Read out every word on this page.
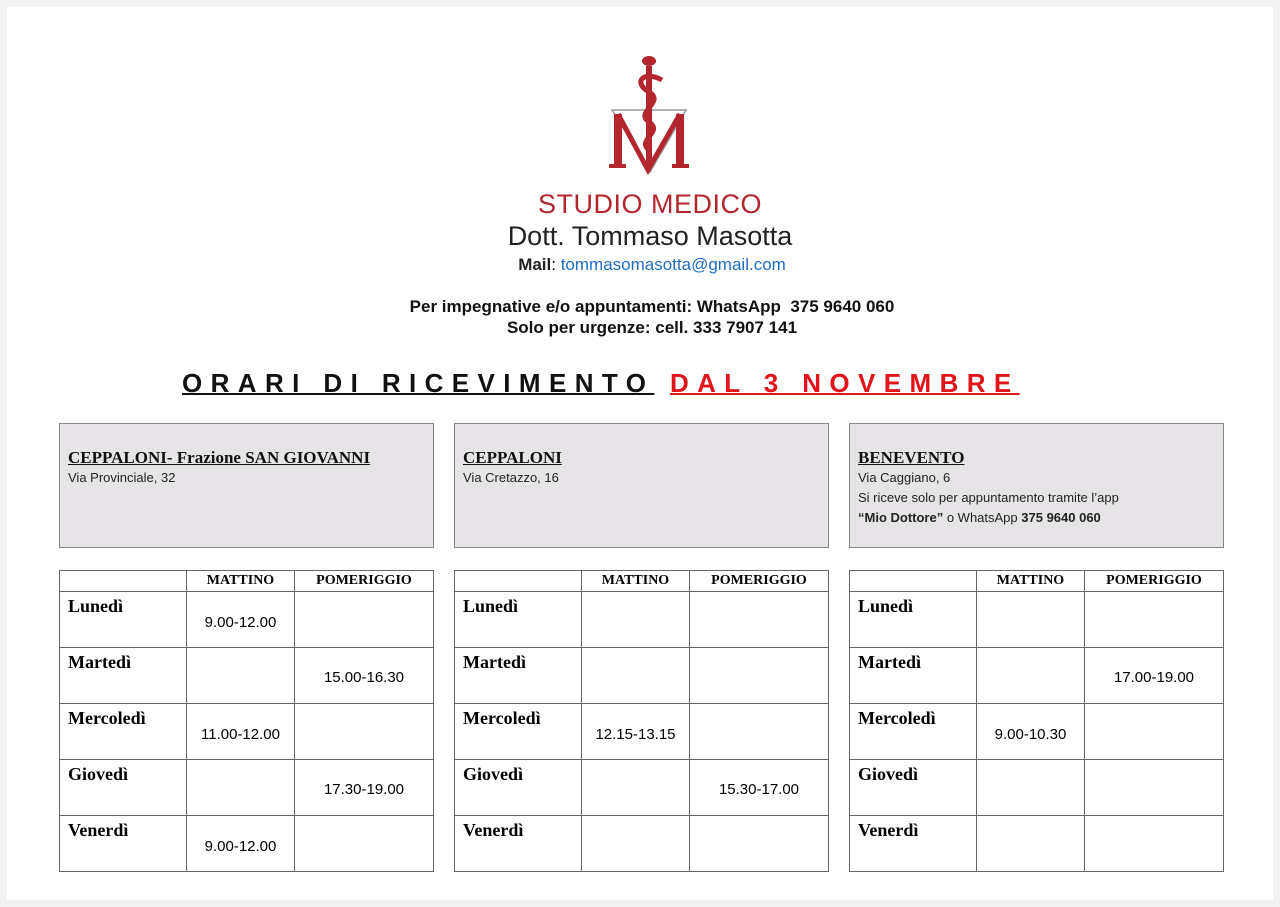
STUDIO MEDICO
Dott. Tommaso Masotta
Mail: tommasomasotta@gmail.com
Per impegnative e/o appuntamenti: WhatsApp  375 9640 060
Solo per urgenze: cell. 333 7907 141
ORARI DI RICEVIMENTO DAL 3 NOVEMBRE
CEPPALONI- Frazione SAN GIOVANNI
Via Provinciale, 32
	MATTINO	POMERIGGIO
Lunedì	9.00-12.00	
Martedì		15.00-16.30
Mercoledì	11.00-12.00	
Giovedì		17.30-19.00
Venerdì	9.00-12.00	
CEPPALONI
Via Cretazzo, 16
	MATTINO	POMERIGGIO
Lunedì		
Martedì		
Mercoledì	12.15-13.15	
Giovedì		15.30-17.00
Venerdì		
BENEVENTO
Via Caggiano, 6
Si riceve solo per appuntamento tramite l’app
“Mio Dottore” o WhatsApp 375 9640 060
	MATTINO	POMERIGGIO
Lunedì		
Martedì		17.00-19.00
Mercoledì	9.00-10.30	
Giovedì		
Venerdì		
